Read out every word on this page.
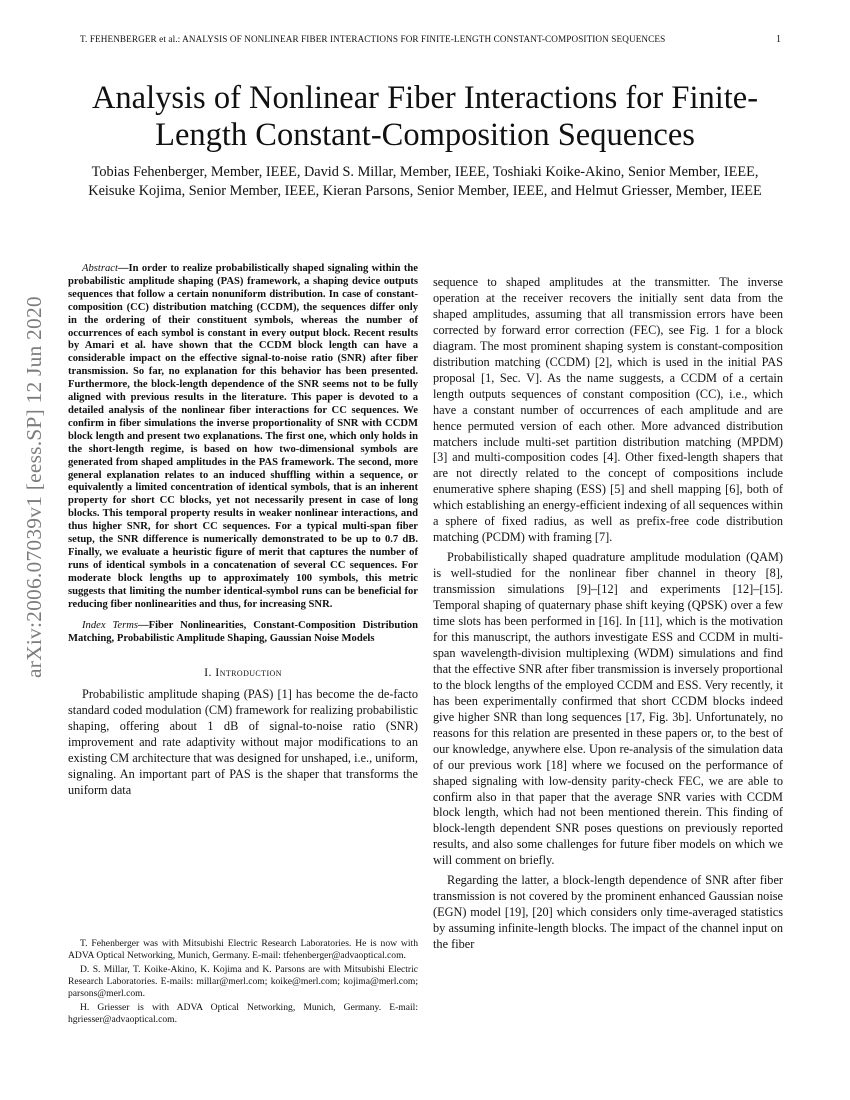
T. FEHENBERGER et al.: ANALYSIS OF NONLINEAR FIBER INTERACTIONS FOR FINITE-LENGTH CONSTANT-COMPOSITION SEQUENCES	1
arXiv:2006.07039v1 [eess.SP] 12 Jun 2020
Analysis of Nonlinear Fiber Interactions for Finite-Length Constant-Composition Sequences
Tobias Fehenberger, Member, IEEE, David S. Millar, Member, IEEE, Toshiaki Koike-Akino, Senior Member, IEEE, Keisuke Kojima, Senior Member, IEEE, Kieran Parsons, Senior Member, IEEE, and Helmut Griesser, Member, IEEE

Abstract—In order to realize probabilistically shaped signaling within the probabilistic amplitude shaping (PAS) framework, a shaping device outputs sequences that follow a certain nonuniform distribution. In case of constant-composition (CC) distribution matching (CCDM), the sequences differ only in the ordering of their constituent symbols, whereas the number of occurrences of each symbol is constant in every output block. Recent results by Amari et al. have shown that the CCDM block length can have a considerable impact on the effective signal-to-noise ratio (SNR) after fiber transmission. So far, no explanation for this behavior has been presented. Furthermore, the block-length dependence of the SNR seems not to be fully aligned with previous results in the literature. This paper is devoted to a detailed analysis of the nonlinear fiber interactions for CC sequences. We confirm in fiber simulations the inverse proportionality of SNR with CCDM block length and present two explanations. The first one, which only holds in the short-length regime, is based on how two-dimensional symbols are generated from shaped amplitudes in the PAS framework. The second, more general explanation relates to an induced shuffling within a sequence, or equivalently a limited concentration of identical symbols, that is an inherent property for short CC blocks, yet not necessarily present in case of long blocks. This temporal property results in weaker nonlinear interactions, and thus higher SNR, for short CC sequences. For a typical multi-span fiber setup, the SNR difference is numerically demonstrated to be up to 0.7 dB. Finally, we evaluate a heuristic figure of merit that captures the number of runs of identical symbols in a concatenation of several CC sequences. For moderate block lengths up to approximately 100 symbols, this metric suggests that limiting the number identical-symbol runs can be beneficial for reducing fiber nonlinearities and thus, for increasing SNR.

Index Terms—Fiber Nonlinearities, Constant-Composition Distribution Matching, Probabilistic Amplitude Shaping, Gaussian Noise Models

I. Introduction

Probabilistic amplitude shaping (PAS) [1] has become the de-facto standard coded modulation (CM) framework for realizing probabilistic shaping, offering about 1 dB of signal-to-noise ratio (SNR) improvement and rate adaptivity without major modifications to an existing CM architecture that was designed for unshaped, i.e., uniform, signaling. An important part of PAS is the shaper that transforms the uniform data

T. Fehenberger was with Mitsubishi Electric Research Laboratories. He is now with ADVA Optical Networking, Munich, Germany. E-mail: tfehenberger@advaoptical.com.

D. S. Millar, T. Koike-Akino, K. Kojima and K. Parsons are with Mitsubishi Electric Research Laboratories. E-mails: millar@merl.com; koike@merl.com; kojima@merl.com; parsons@merl.com.

H. Griesser is with ADVA Optical Networking, Munich, Germany. E-mail: hgriesser@advaoptical.com.

sequence to shaped amplitudes at the transmitter. The inverse operation at the receiver recovers the initially sent data from the shaped amplitudes, assuming that all transmission errors have been corrected by forward error correction (FEC), see Fig. 1 for a block diagram. The most prominent shaping system is constant-composition distribution matching (CCDM) [2], which is used in the initial PAS proposal [1, Sec. V]. As the name suggests, a CCDM of a certain length outputs sequences of constant composition (CC), i.e., which have a constant number of occurrences of each amplitude and are hence permuted version of each other. More advanced distribution matchers include multi-set partition distribution matching (MPDM) [3] and multi-composition codes [4]. Other fixed-length shapers that are not directly related to the concept of compositions include enumerative sphere shaping (ESS) [5] and shell mapping [6], both of which establishing an energy-efficient indexing of all sequences within a sphere of fixed radius, as well as prefix-free code distribution matching (PCDM) with framing [7].

Probabilistically shaped quadrature amplitude modulation (QAM) is well-studied for the nonlinear fiber channel in theory [8], transmission simulations [9]–[12] and experiments [12]–[15]. Temporal shaping of quaternary phase shift keying (QPSK) over a few time slots has been performed in [16]. In [11], which is the motivation for this manuscript, the authors investigate ESS and CCDM in multi-span wavelength-division multiplexing (WDM) simulations and find that the effective SNR after fiber transmission is inversely proportional to the block lengths of the employed CCDM and ESS. Very recently, it has been experimentally confirmed that short CCDM blocks indeed give higher SNR than long sequences [17, Fig. 3b]. Unfortunately, no reasons for this relation are presented in these papers or, to the best of our knowledge, anywhere else. Upon re-analysis of the simulation data of our previous work [18] where we focused on the performance of shaped signaling with low-density parity-check FEC, we are able to confirm also in that paper that the average SNR varies with CCDM block length, which had not been mentioned therein. This finding of block-length dependent SNR poses questions on previously reported results, and also some challenges for future fiber models on which we will comment on briefly.

Regarding the latter, a block-length dependence of SNR after fiber transmission is not covered by the prominent enhanced Gaussian noise (EGN) model [19], [20] which considers only time-averaged statistics by assuming infinite-length blocks. The impact of the channel input on the fiber
